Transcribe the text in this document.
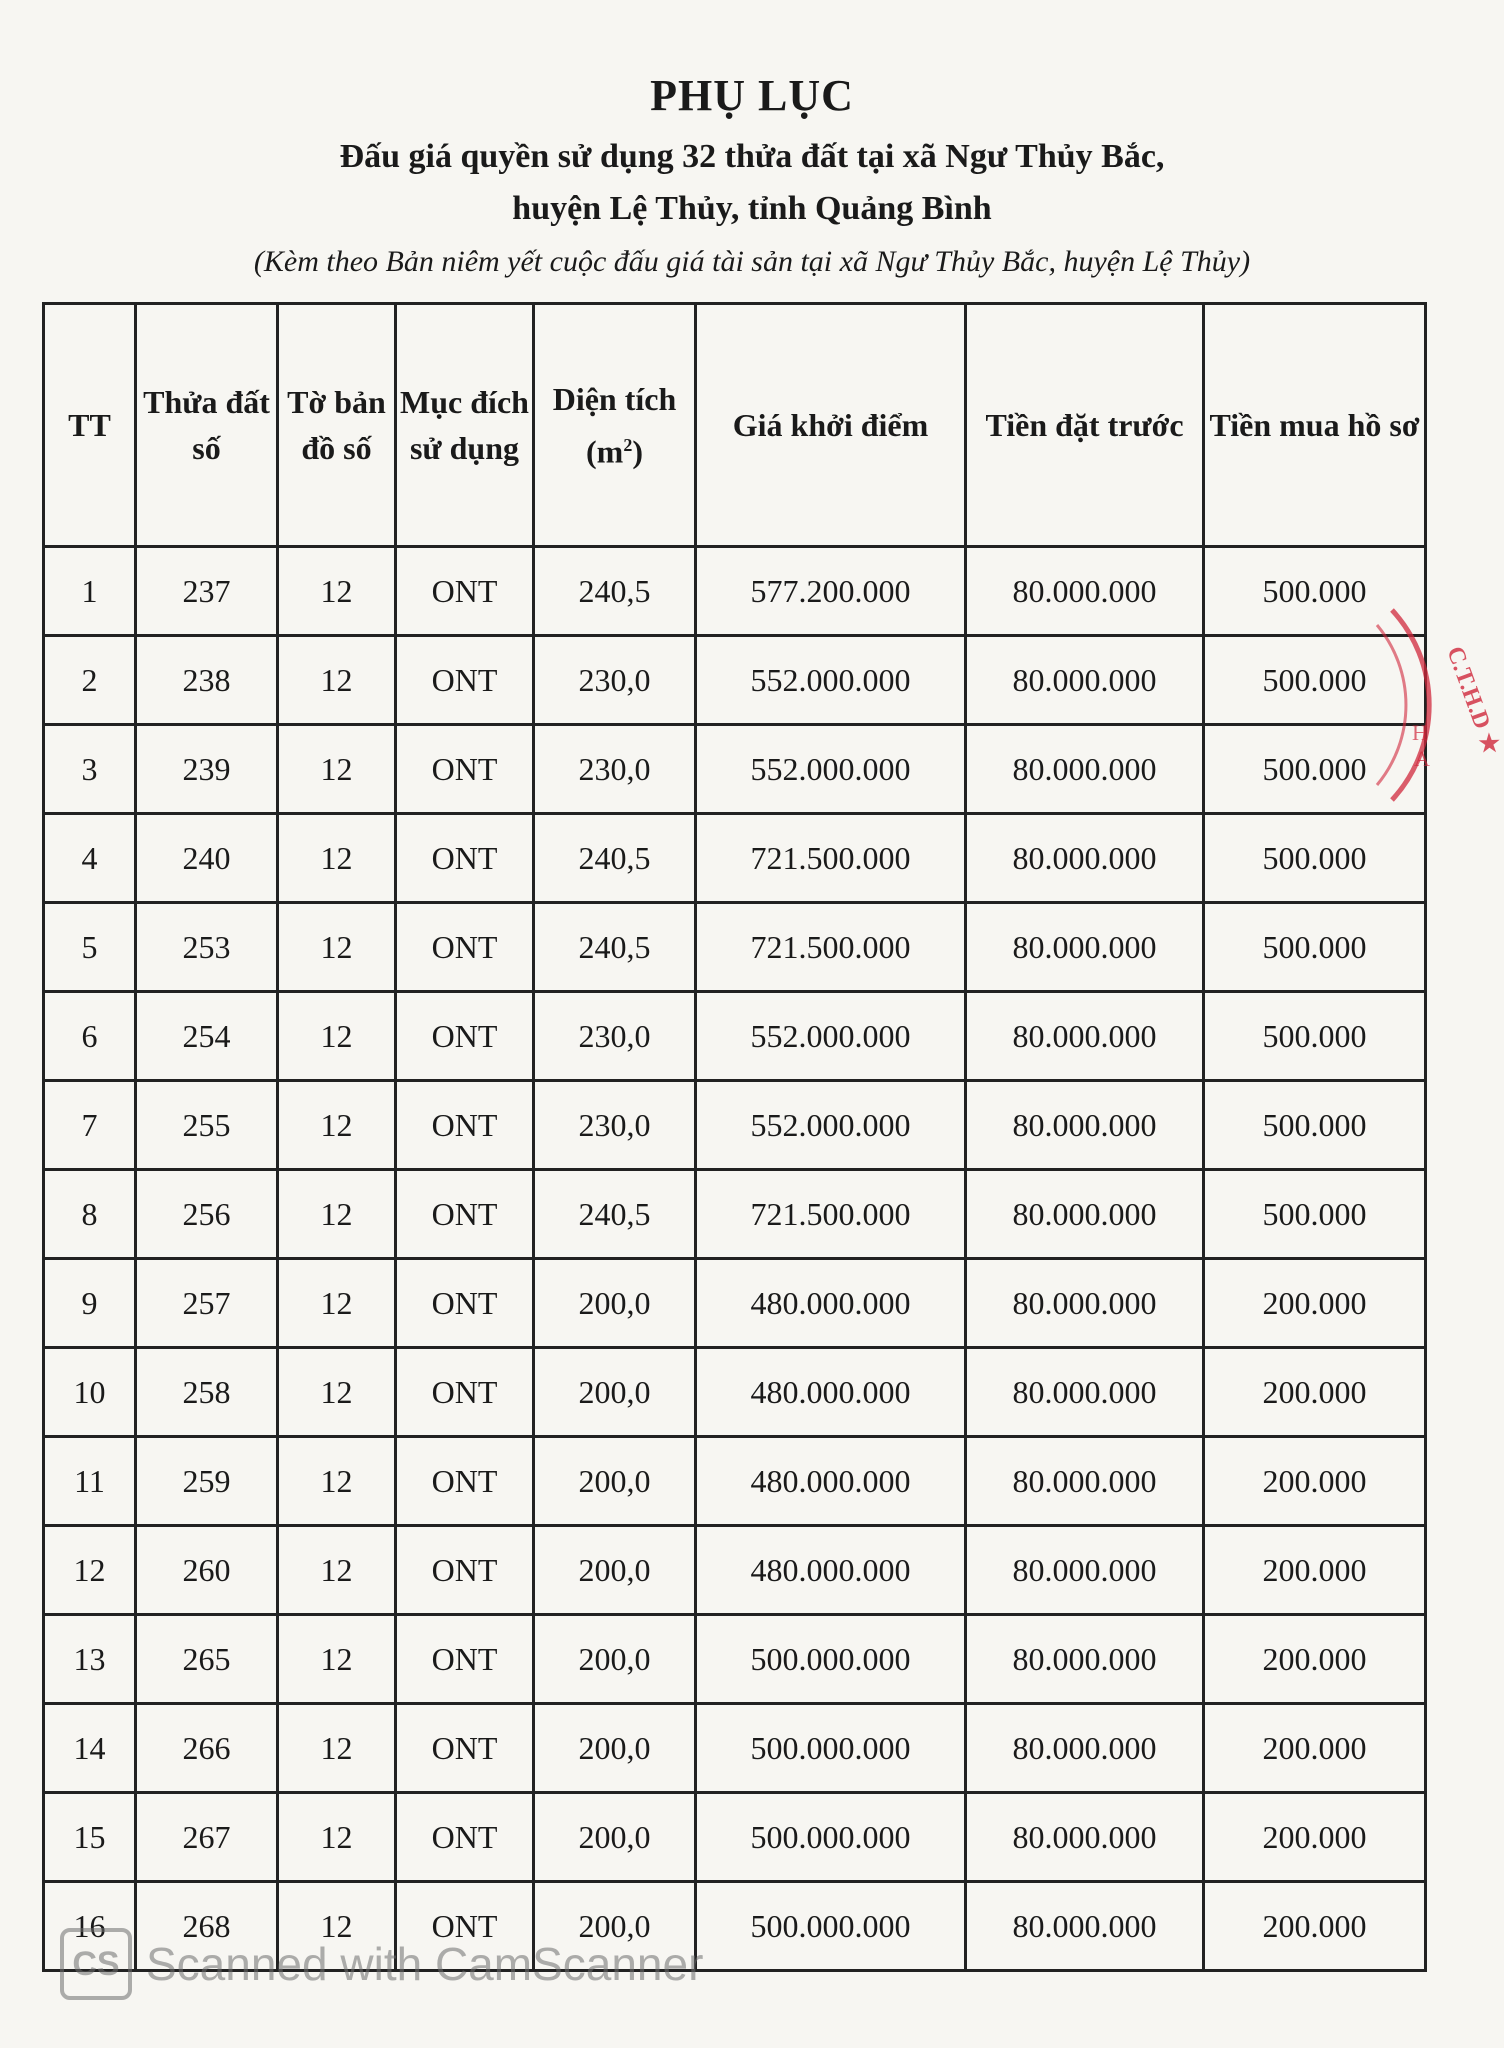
PHỤ LỤC
Đấu giá quyền sử dụng 32 thửa đất tại xã Ngư Thủy Bắc,
huyện Lệ Thủy, tỉnh Quảng Bình
(Kèm theo Bản niêm yết cuộc đấu giá tài sản tại xã Ngư Thủy Bắc, huyện Lệ Thủy)
TT	Thửa đất số	Tờ bản đồ số	Mục đích sử dụng	Diện tích $(m^2)$	Giá khởi điểm	Tiền đặt trước	Tiền mua hồ sơ
1	237	12	ONT	240,5	577.200.000	80.000.000	500.000
2	238	12	ONT	230,0	552.000.000	80.000.000	500.000
3	239	12	ONT	230,0	552.000.000	80.000.000	500.000
4	240	12	ONT	240,5	721.500.000	80.000.000	500.000
5	253	12	ONT	240,5	721.500.000	80.000.000	500.000
6	254	12	ONT	230,0	552.000.000	80.000.000	500.000
7	255	12	ONT	230,0	552.000.000	80.000.000	500.000
8	256	12	ONT	240,5	721.500.000	80.000.000	500.000
9	257	12	ONT	200,0	480.000.000	80.000.000	200.000
10	258	12	ONT	200,0	480.000.000	80.000.000	200.000
11	259	12	ONT	200,0	480.000.000	80.000.000	200.000
12	260	12	ONT	200,0	480.000.000	80.000.000	200.000
13	265	12	ONT	200,0	500.000.000	80.000.000	200.000
14	266	12	ONT	200,0	500.000.000	80.000.000	200.000
15	267	12	ONT	200,0	500.000.000	80.000.000	200.000
16	268	12	ONT	200,0	500.000.000	80.000.000	200.000
C.T.H.D ★
H
A
CS Scanned with CamScanner
